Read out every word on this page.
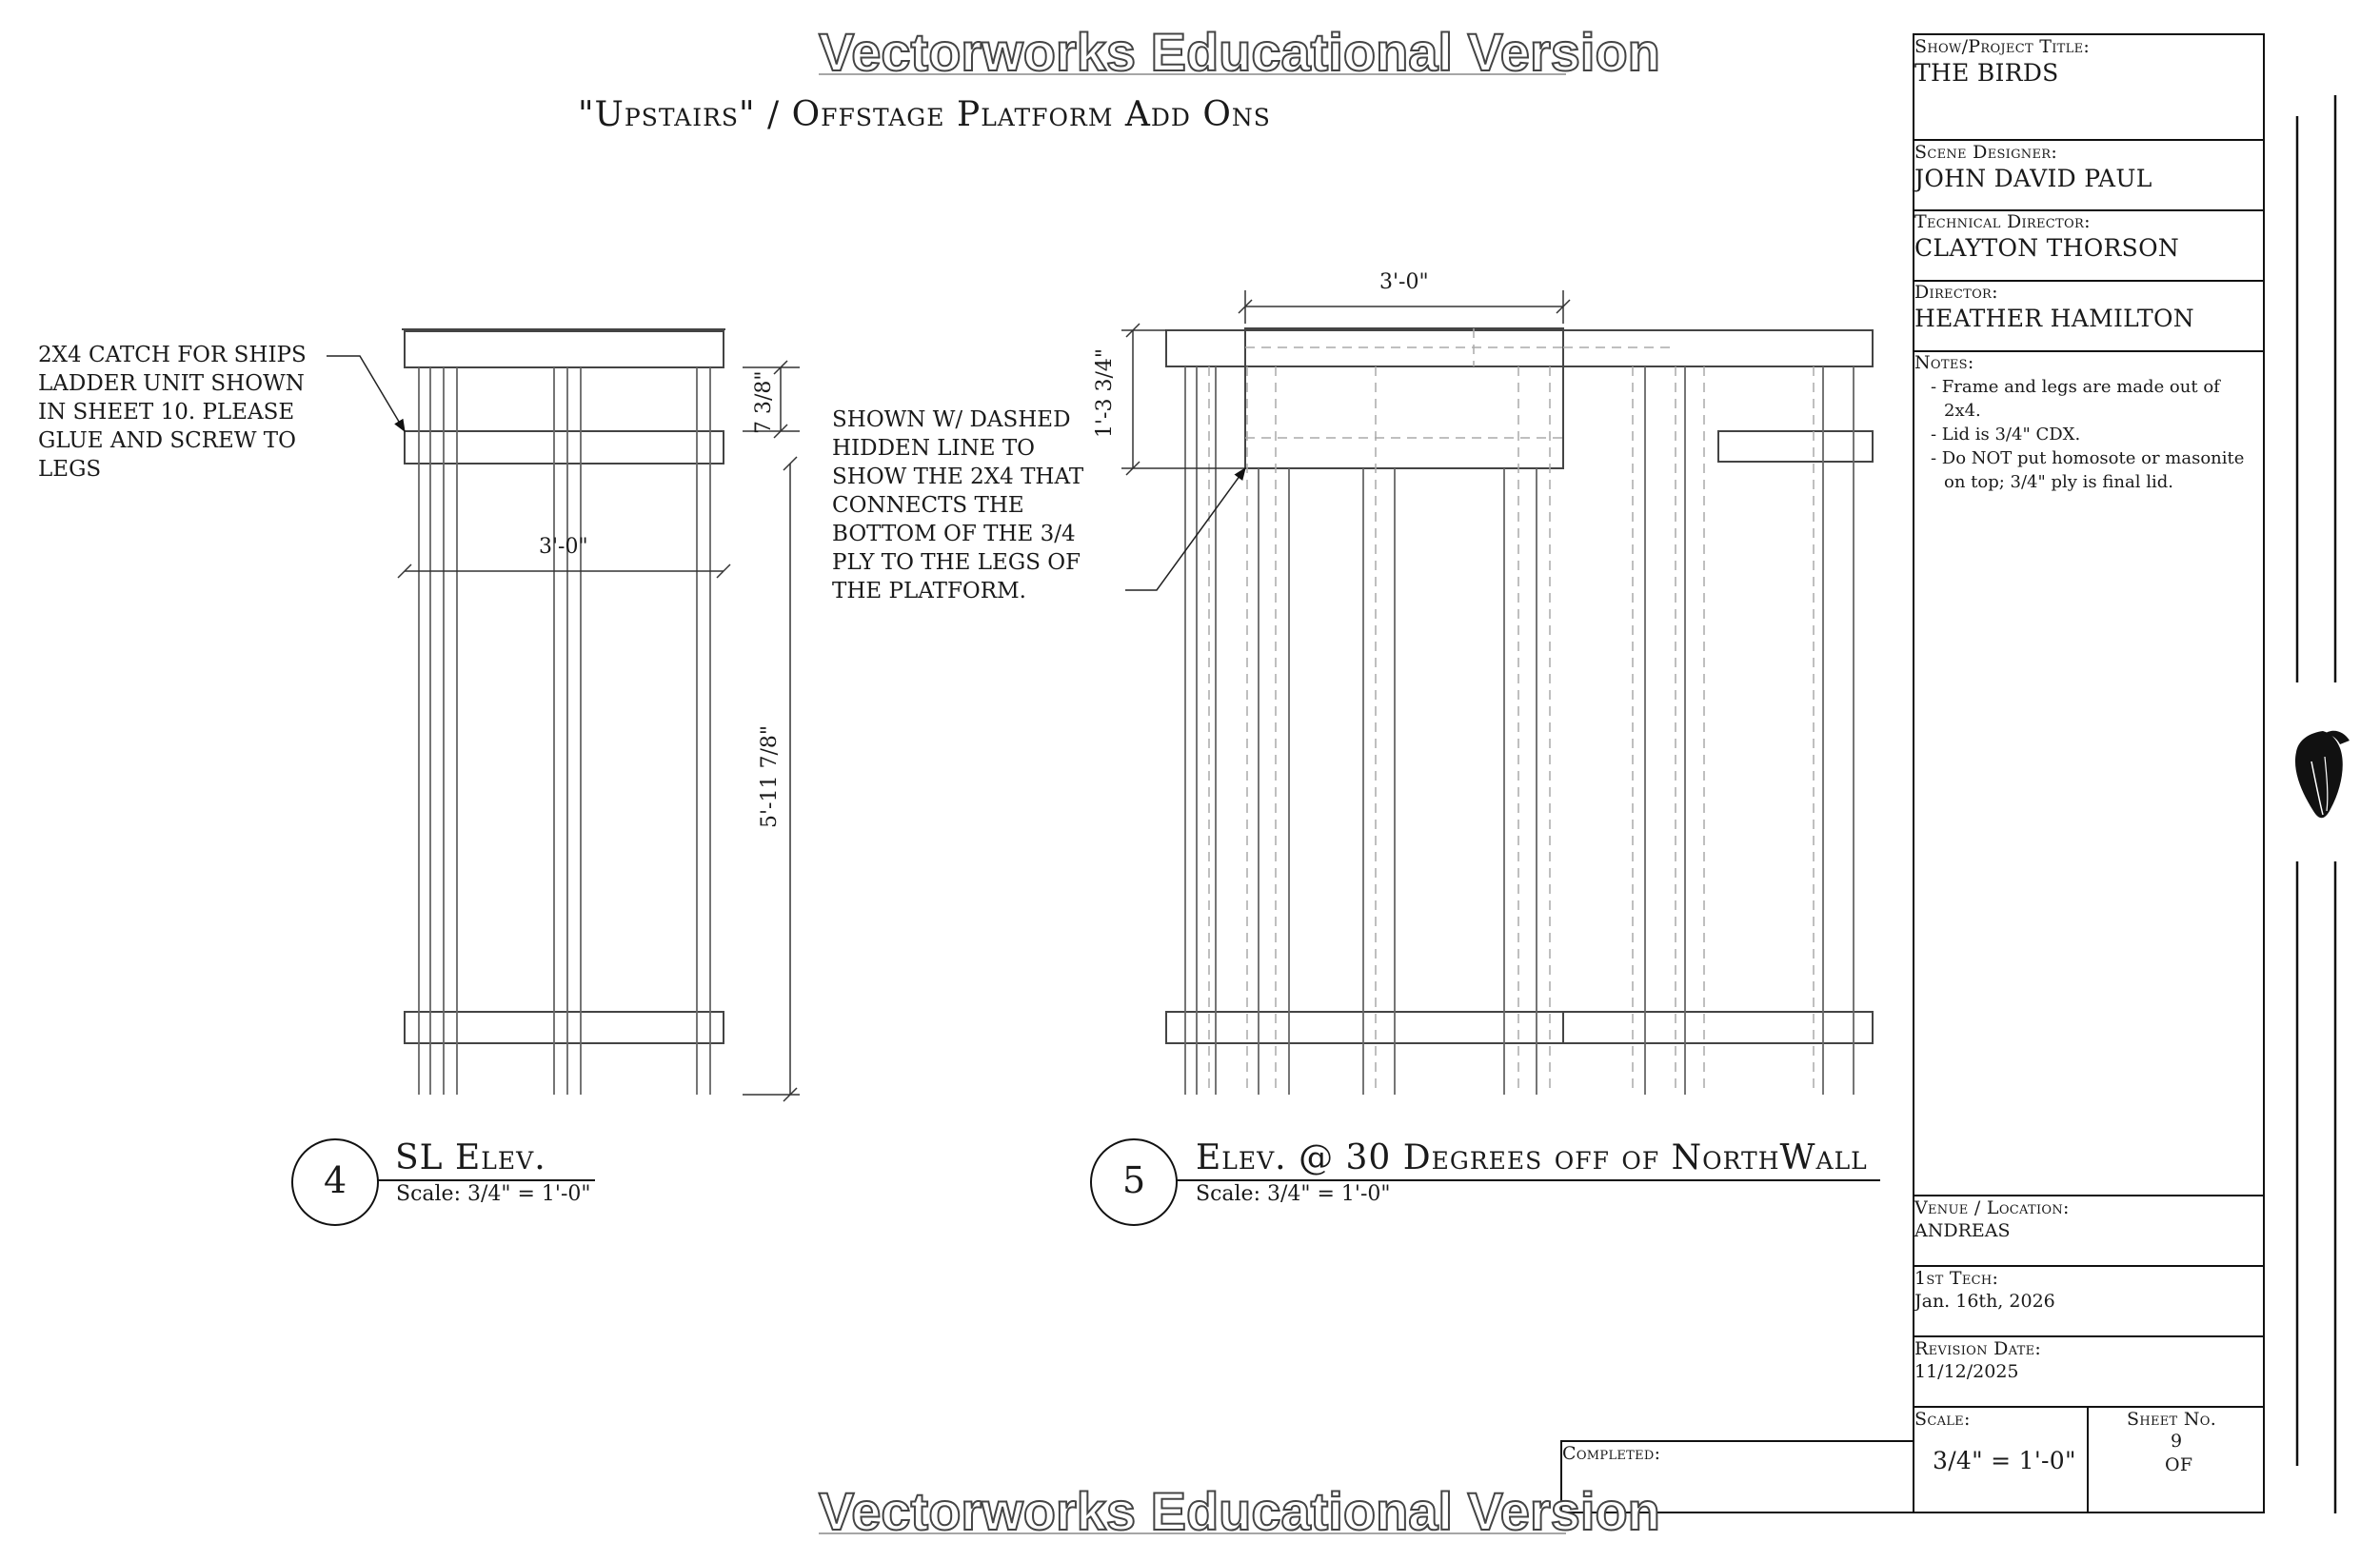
Vectorworks Educational Version
Vectorworks Educational Version
"Upstairs" / Offstage Platform Add Ons
2X4 CATCH FOR SHIPS
LADDER UNIT SHOWN
IN SHEET 10. PLEASE
GLUE AND SCREW TO
LEGS
SHOWN W/ DASHED
HIDDEN LINE TO
SHOW THE 2X4 THAT
CONNECTS THE
BOTTOM OF THE 3/4
PLY TO THE LEGS OF
THE PLATFORM.
3'-0"
7 3/8"
5'-11 7/8"
3'-0"
1'-3 3/4"
4
SL Elev.
Scale: 3/4" = 1'-0"	5
Elev. @ 30 Degrees off of NorthWall
Scale: 3/4" = 1'-0"
Show/Project Title:
THE BIRDS
Scene Designer:
JOHN DAVID PAUL
Technical Director:
CLAYTON THORSON
Director:
HEATHER HAMILTON
Notes:
- Frame and legs are made out of 2x4.
- Lid is 3/4" CDX.
- Do NOT put homosote or masonite on top; 3/4" ply is final lid.
Venue / Location:
ANDREAS
1st Tech:
Jan. 16th, 2026
Revision Date:
11/12/2025
Scale:
3/4" = 1'-0"
Sheet No.
9
OF
Completed:
